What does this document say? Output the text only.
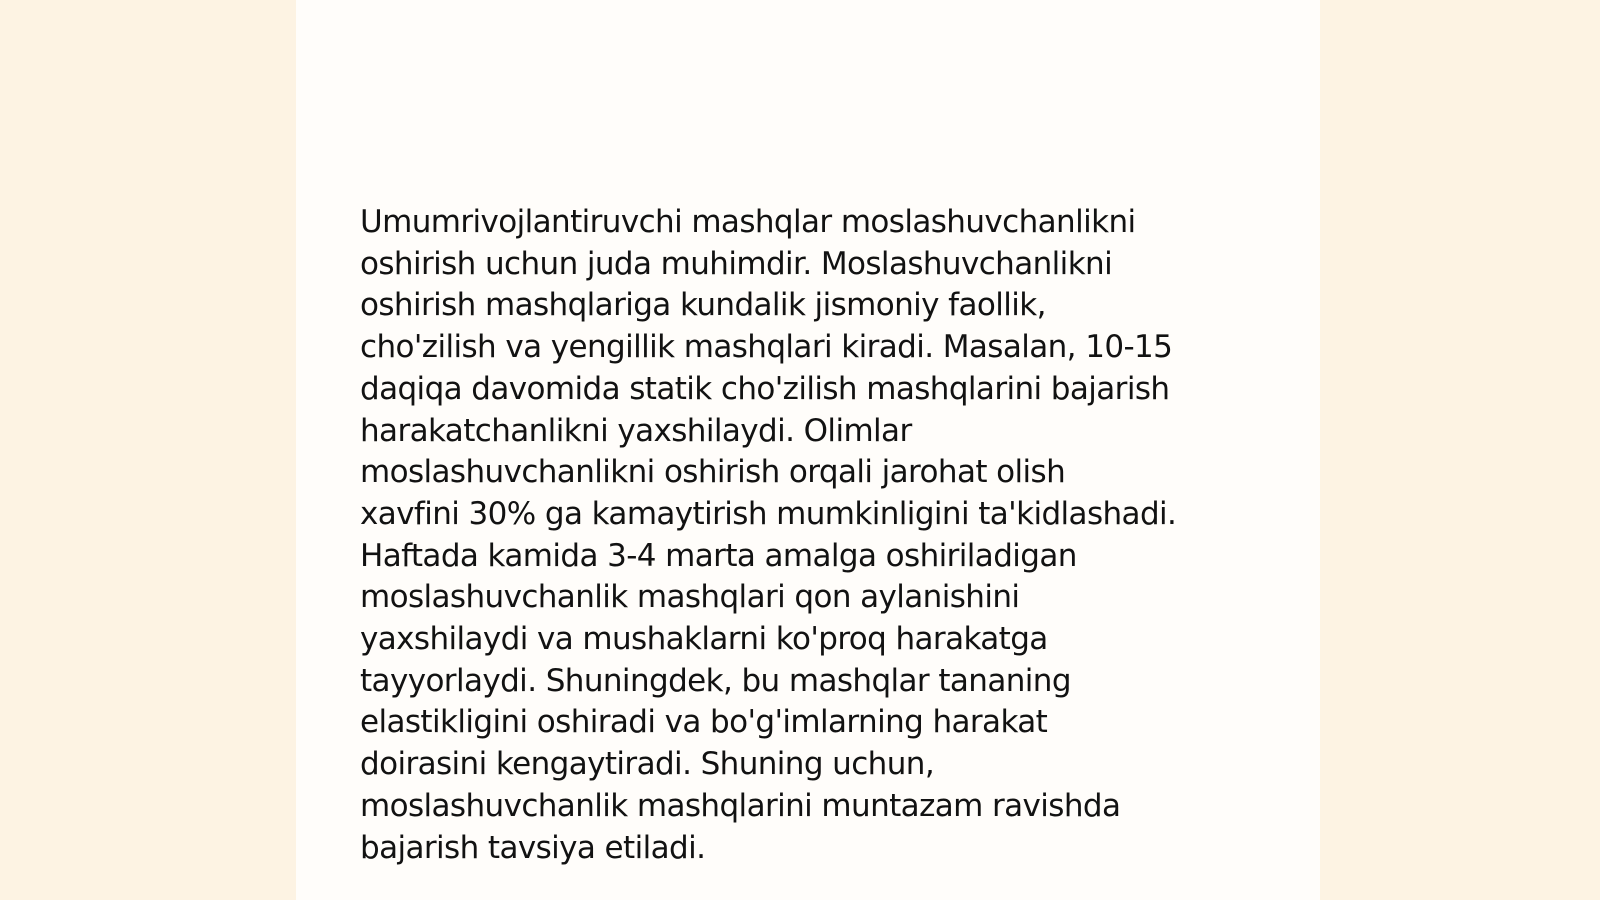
Umumrivojlantiruvchi mashqlar moslashuvchanlikni
oshirish uchun juda muhimdir. Moslashuvchanlikni
oshirish mashqlariga kundalik jismoniy faollik,
cho'zilish va yengillik mashqlari kiradi. Masalan, 10-15
daqiqa davomida statik cho'zilish mashqlarini bajarish
harakatchanlikni yaxshilaydi. Olimlar
moslashuvchanlikni oshirish orqali jarohat olish
xavfini 30% ga kamaytirish mumkinligini ta'kidlashadi.
Haftada kamida 3-4 marta amalga oshiriladigan
moslashuvchanlik mashqlari qon aylanishini
yaxshilaydi va mushaklarni ko'proq harakatga
tayyorlaydi. Shuningdek, bu mashqlar tananing
elastikligini oshiradi va bo'g'imlarning harakat
doirasini kengaytiradi. Shuning uchun,
moslashuvchanlik mashqlarini muntazam ravishda
bajarish tavsiya etiladi.
